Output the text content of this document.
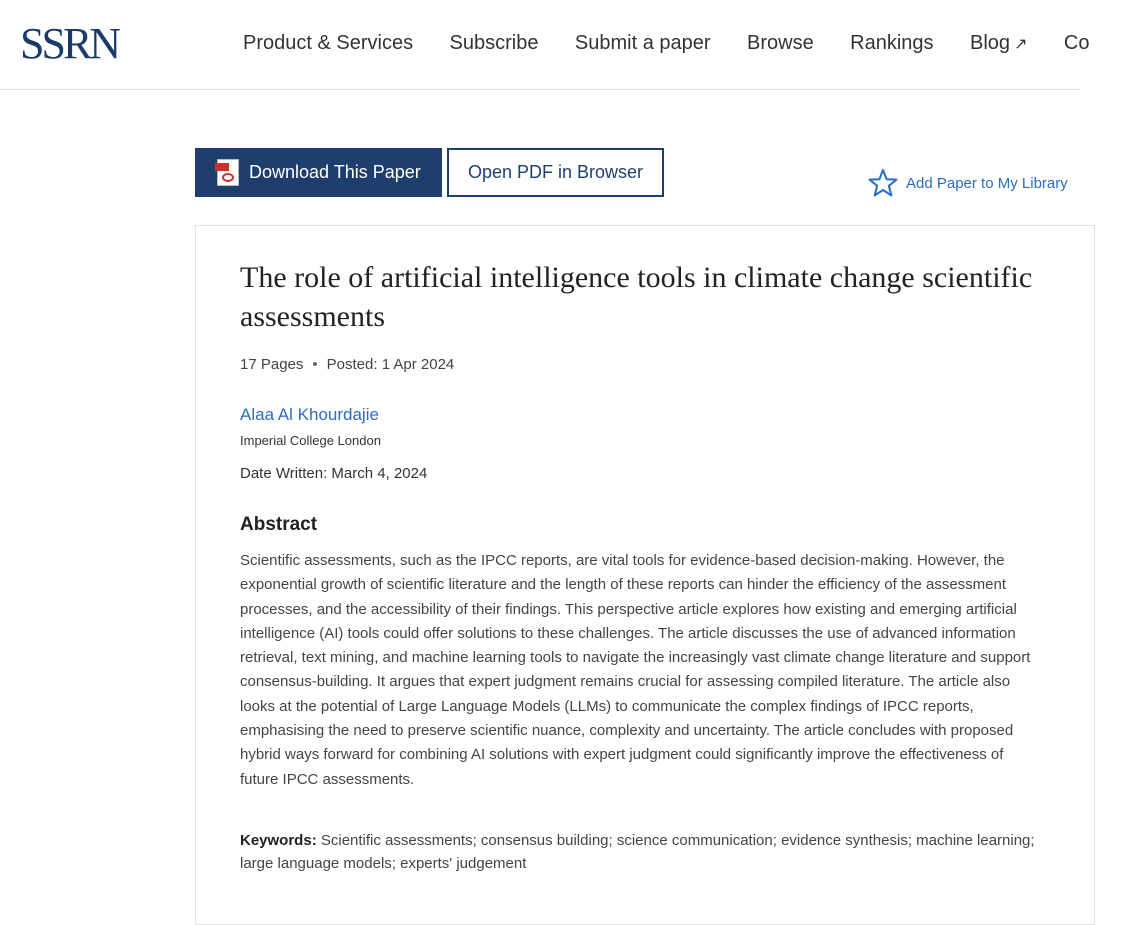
SSRN	Product & Services Subscribe Submit a paper Browse Rankings Blog ↗ Co
Download This Paper	Open PDF in Browser
Add Paper to My Library
The role of artificial intelligence tools in climate change scientific assessments
17 Pages • Posted: 1 Apr 2024
Alaa Al Khourdajie
Imperial College London
Date Written: March 4, 2024
Abstract
Scientific assessments, such as the IPCC reports, are vital tools for evidence-based decision-making. However, the exponential growth of scientific literature and the length of these reports can hinder the efficiency of the assessment processes, and the accessibility of their findings. This perspective article explores how existing and emerging artificial intelligence (AI) tools could offer solutions to these challenges. The article discusses the use of advanced information retrieval, text mining, and machine learning tools to navigate the increasingly vast climate change literature and support consensus-building. It argues that expert judgment remains crucial for assessing compiled literature. The article also looks at the potential of Large Language Models (LLMs) to communicate the complex findings of IPCC reports, emphasising the need to preserve scientific nuance, complexity and uncertainty. The article concludes with proposed hybrid ways forward for combining AI solutions with expert judgment could significantly improve the effectiveness of future IPCC assessments.
Keywords: Scientific assessments; consensus building; science communication; evidence synthesis; machine learning; large language models; experts' judgement
